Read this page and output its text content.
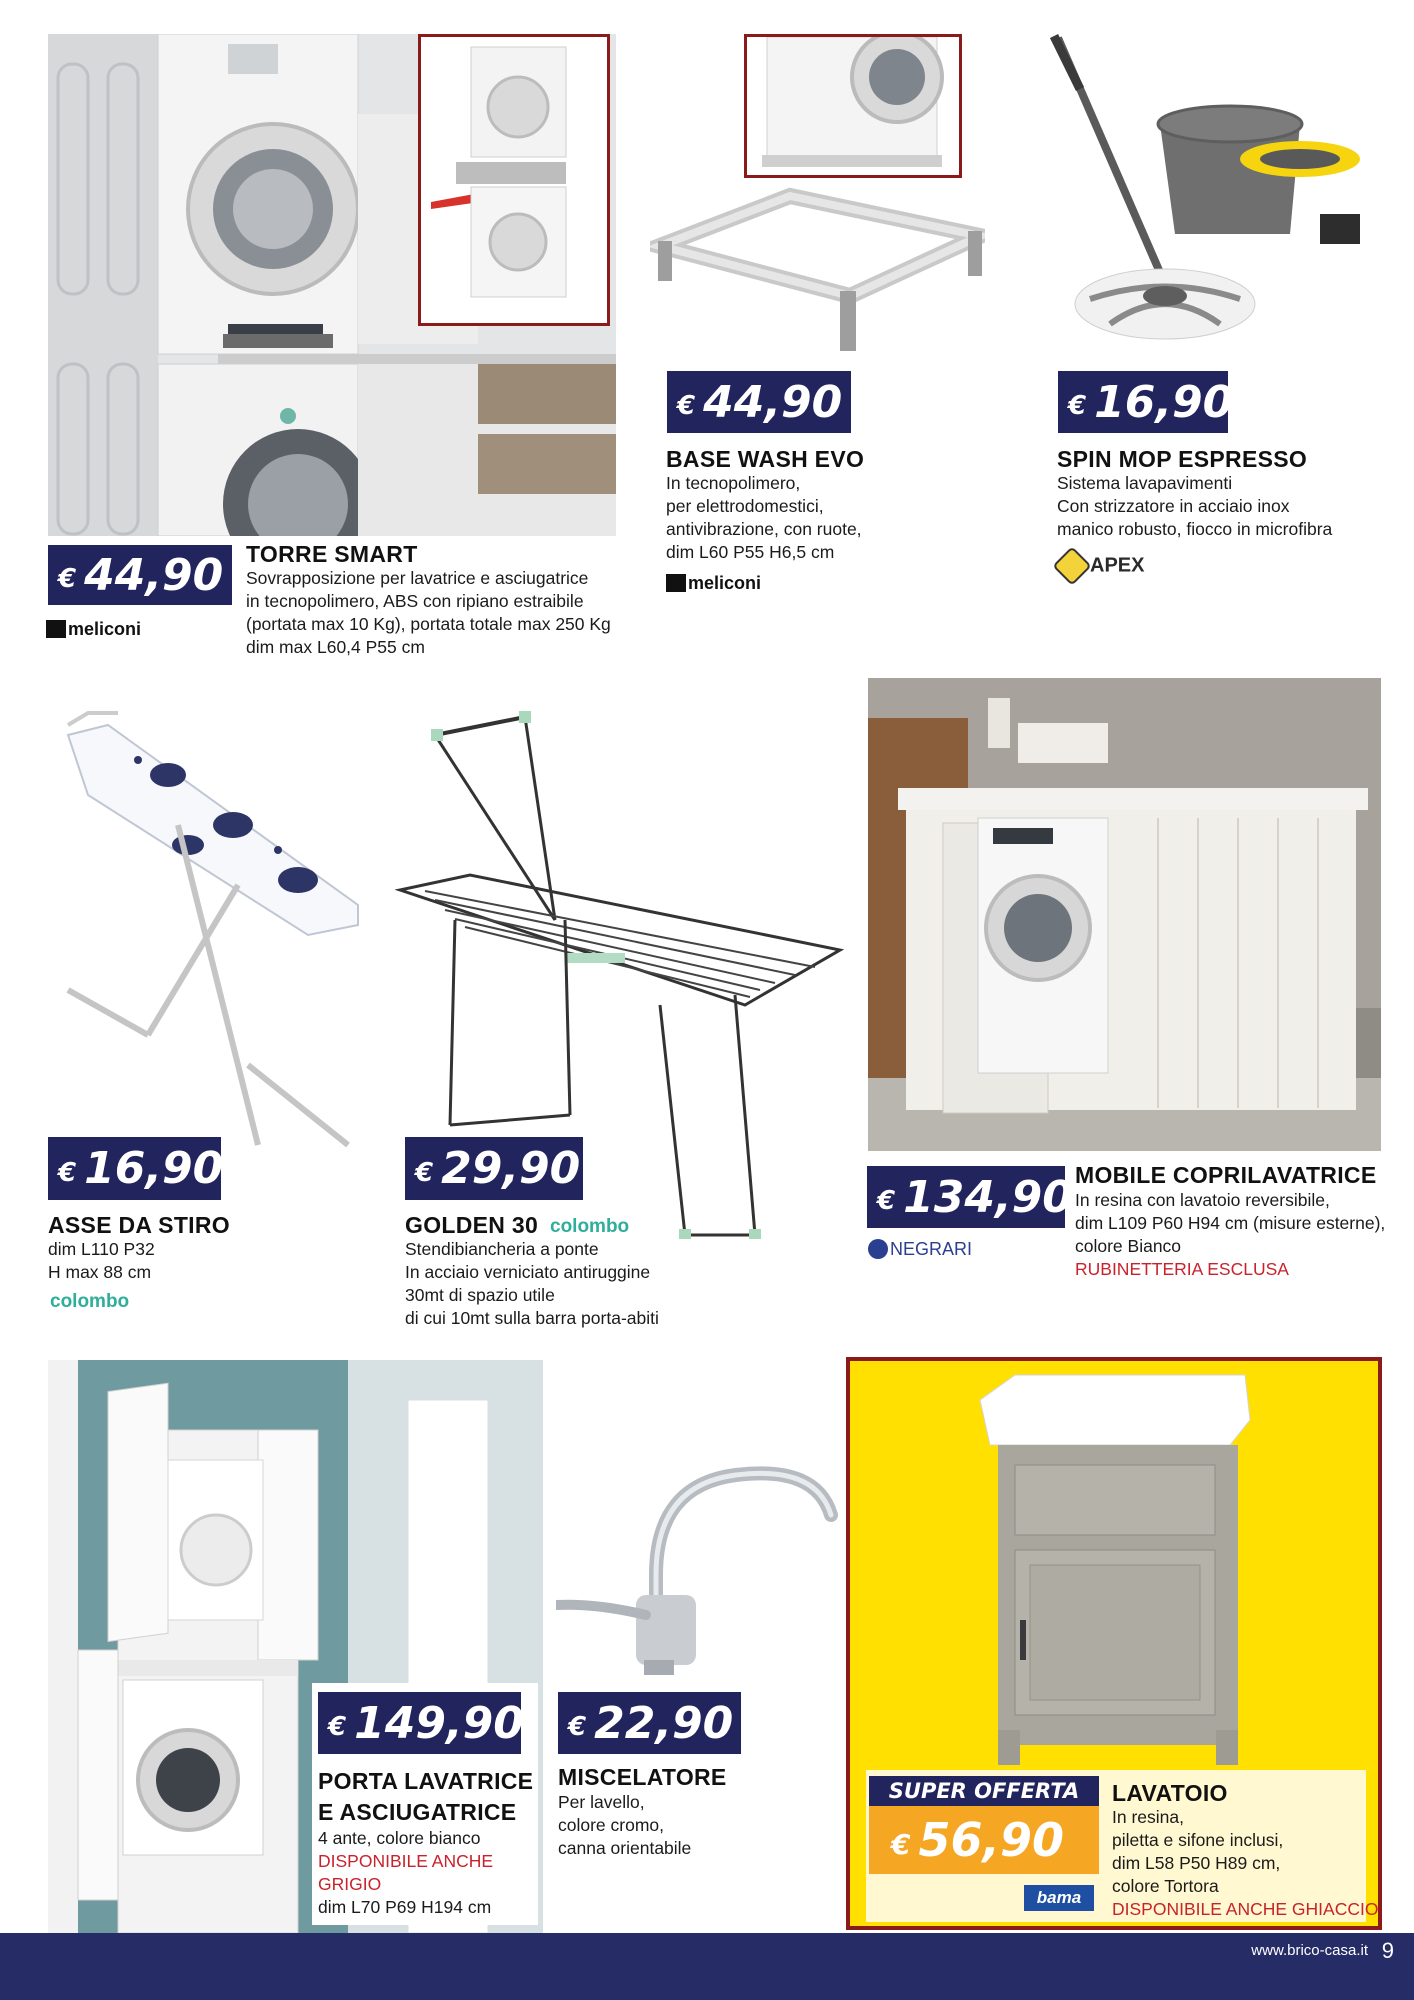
€ 44,90
meliconi
TORRE SMART
Sovrapposizione per lavatrice e asciugatrice
in tecnopolimero, ABS con ripiano estraibile
(portata max 10 Kg), portata totale max 250 Kg
dim max L60,4 P55 cm
€ 44,90
BASE WASH EVO
In tecnopolimero,
per elettrodomestici,
antivibrazione, con ruote,
dim L60 P55 H6,5 cm
meliconi
€ 16,90
SPIN MOP ESPRESSO
Sistema lavapavimenti
Con strizzatore in acciaio inox
manico robusto, fiocco in microfibra
APEX
€ 16,90
ASSE DA STIRO
dim L110 P32
H max 88 cm
colombo
€ 29,90
GOLDEN 30 colombo
Stendibiancheria a ponte
In acciaio verniciato antiruggine
30mt di spazio utile
di cui 10mt sulla barra porta-abiti
€ 134,90
NEGRARI
MOBILE COPRILAVATRICE
In resina con lavatoio reversibile,
dim L109 P60 H94 cm (misure esterne),
colore Bianco
RUBINETTERIA ESCLUSA
€ 149,90
PORTA LAVATRICE
E ASCIUGATRICE
4 ante, colore bianco
DISPONIBILE ANCHE
GRIGIO
dim L70 P69 H194 cm
€ 22,90
MISCELATORE
Per lavello,
colore cromo,
canna orientabile
SUPER OFFERTA
€ 56,90
bama
LAVATOIO
In resina,
piletta e sifone inclusi,
dim L58 P50 H89 cm,
colore Tortora
DISPONIBILE ANCHE GHIACCIO
www.brico-casa.it 9
